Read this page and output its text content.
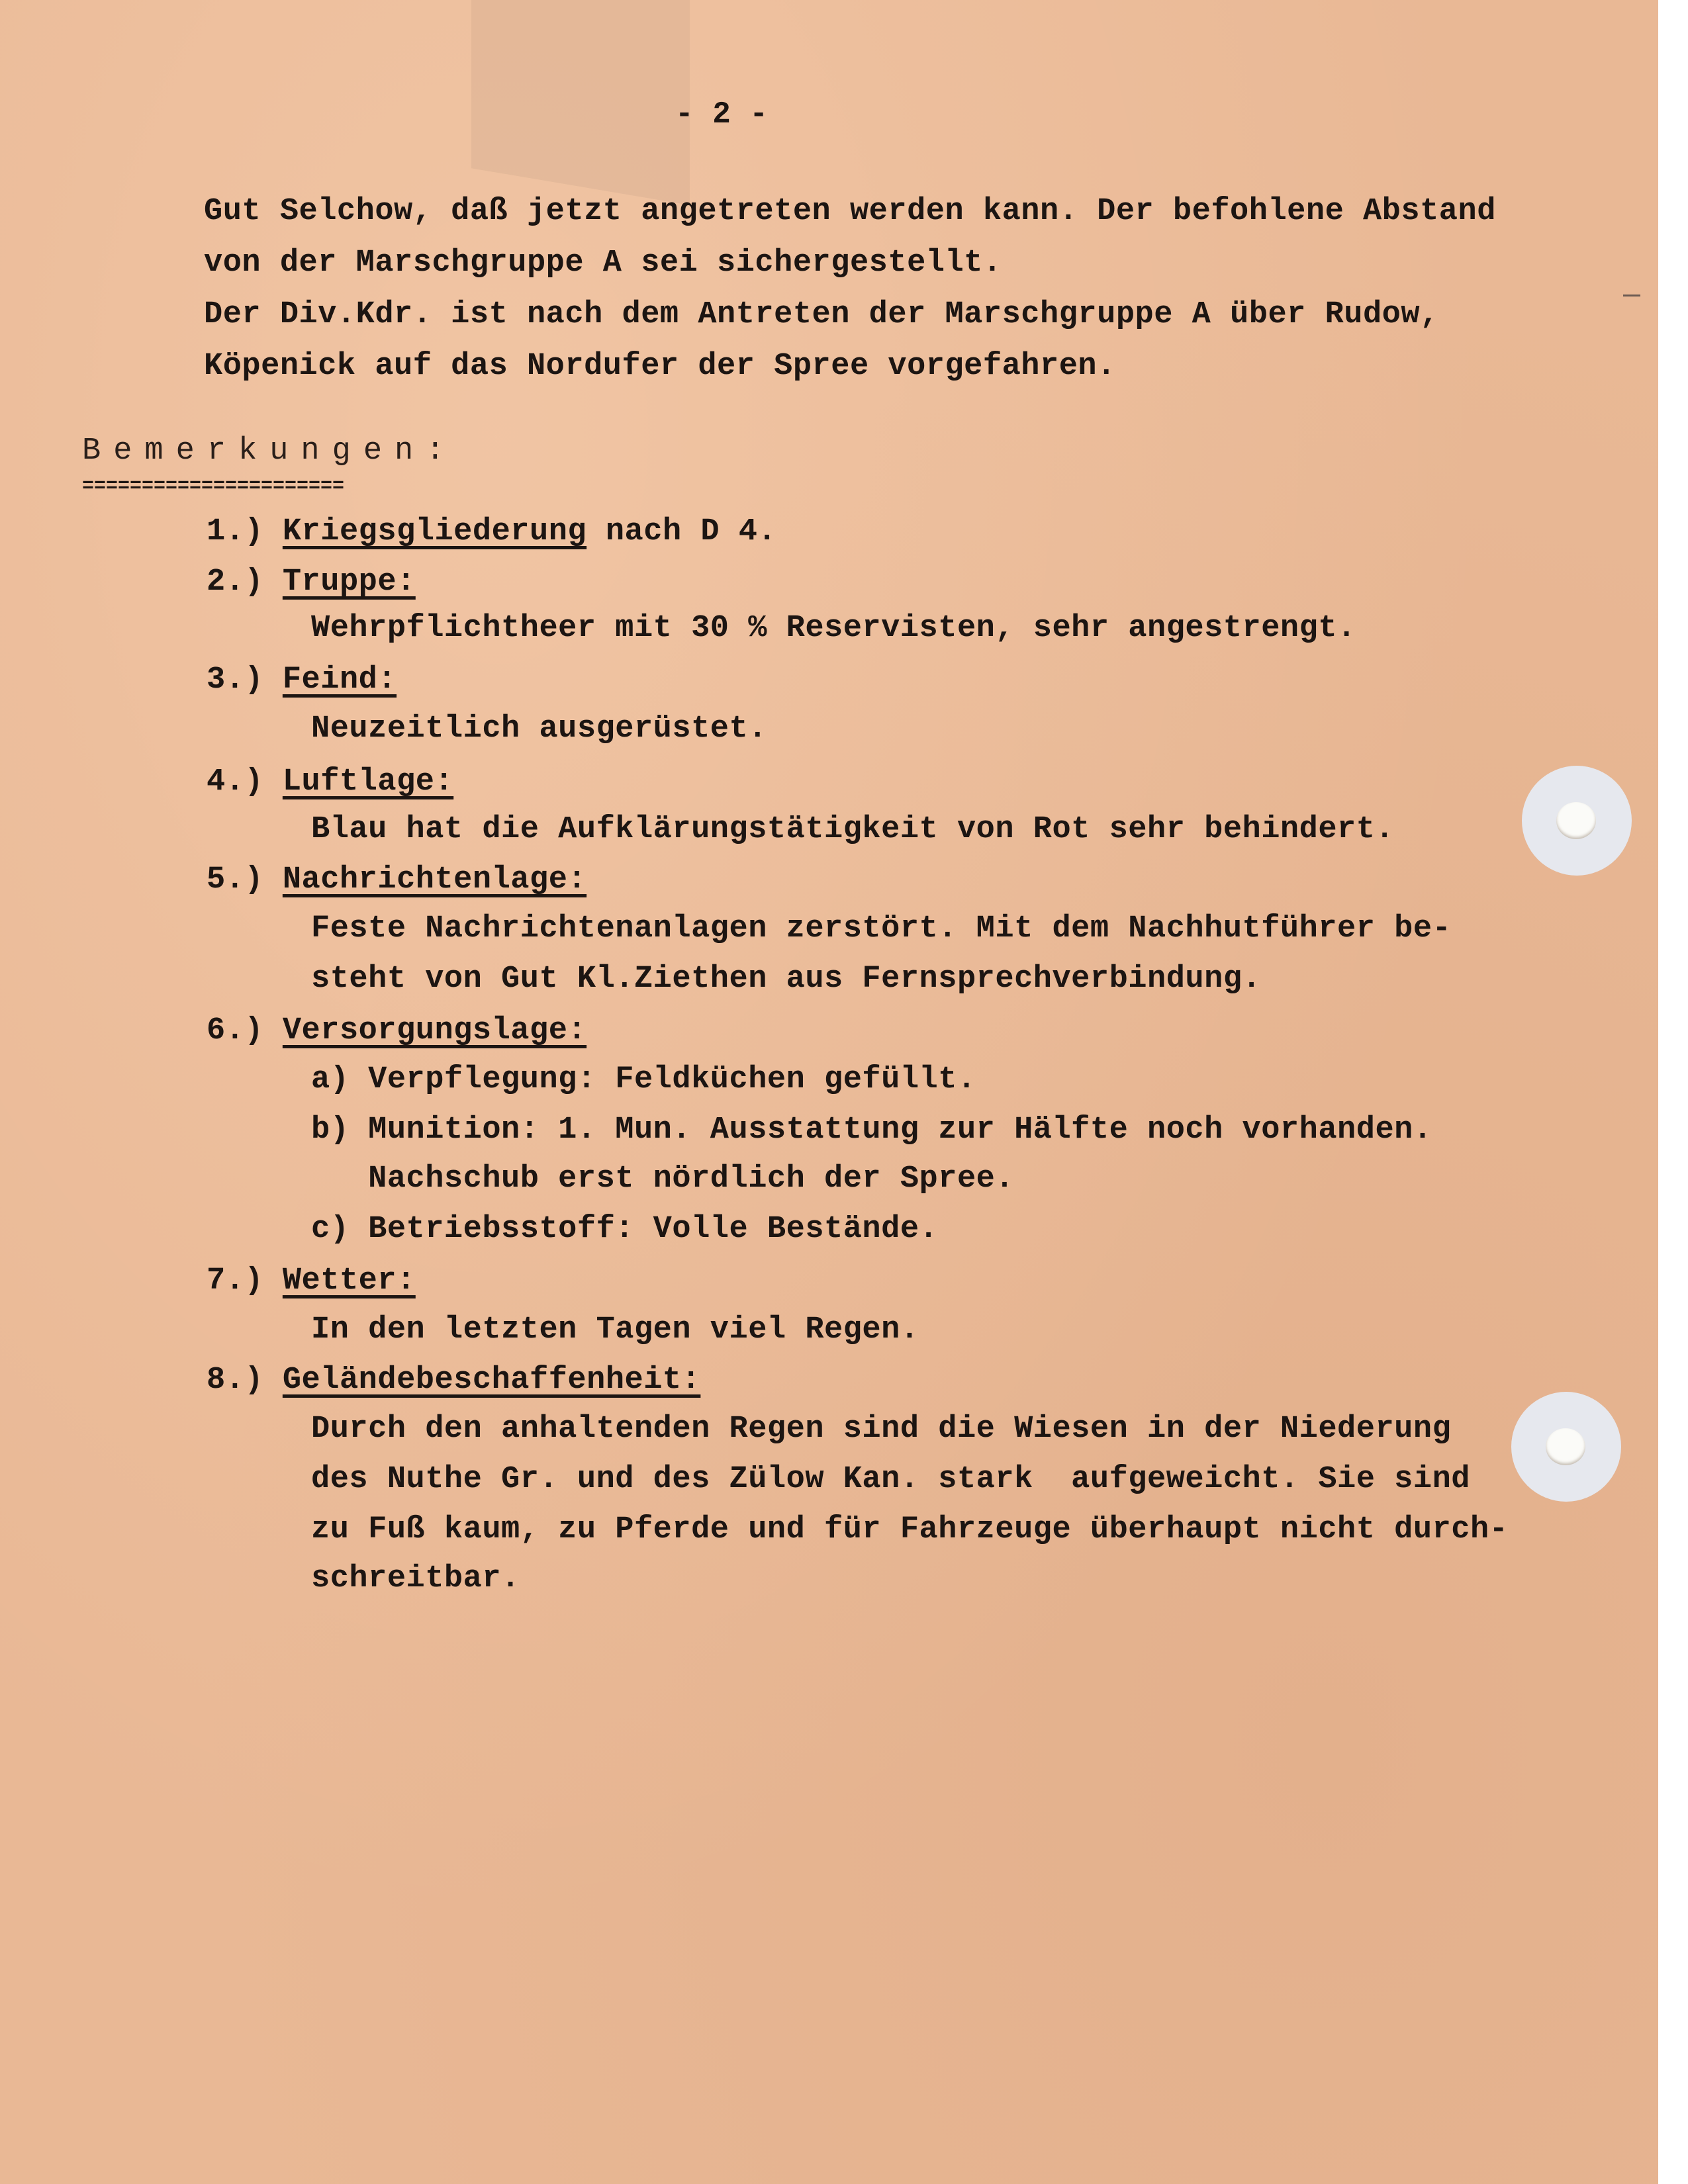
- 2 -
Gut Selchow, daß jetzt angetreten werden kann. Der befohlene Abstand
von der Marschgruppe A sei sichergestellt.
Der Div.Kdr. ist nach dem Antreten der Marschgruppe A über Rudow,
Köpenick auf das Nordufer der Spree vorgefahren.
Bemerkungen:
======================
1.) Kriegsgliederung nach D 4.
2.) Truppe:
Wehrpflichtheer mit 30 % Reservisten, sehr angestrengt.
3.) Feind:
Neuzeitlich ausgerüstet.
4.) Luftlage:
Blau hat die Aufklärungstätigkeit von Rot sehr behindert.
5.) Nachrichtenlage:
Feste Nachrichtenanlagen zerstört. Mit dem Nachhutführer be-
steht von Gut Kl.Ziethen aus Fernsprechverbindung.
6.) Versorgungslage:
a) Verpflegung: Feldküchen gefüllt.
b) Munition: 1. Mun. Ausstattung zur Hälfte noch vorhanden.
Nachschub erst nördlich der Spree.
c) Betriebsstoff: Volle Bestände.
7.) Wetter:
In den letzten Tagen viel Regen.
8.) Geländebeschaffenheit:
Durch den anhaltenden Regen sind die Wiesen in der Niederung
des Nuthe Gr. und des Zülow Kan. stark  aufgeweicht. Sie sind
zu Fuß kaum, zu Pferde und für Fahrzeuge überhaupt nicht durch-
schreitbar.
